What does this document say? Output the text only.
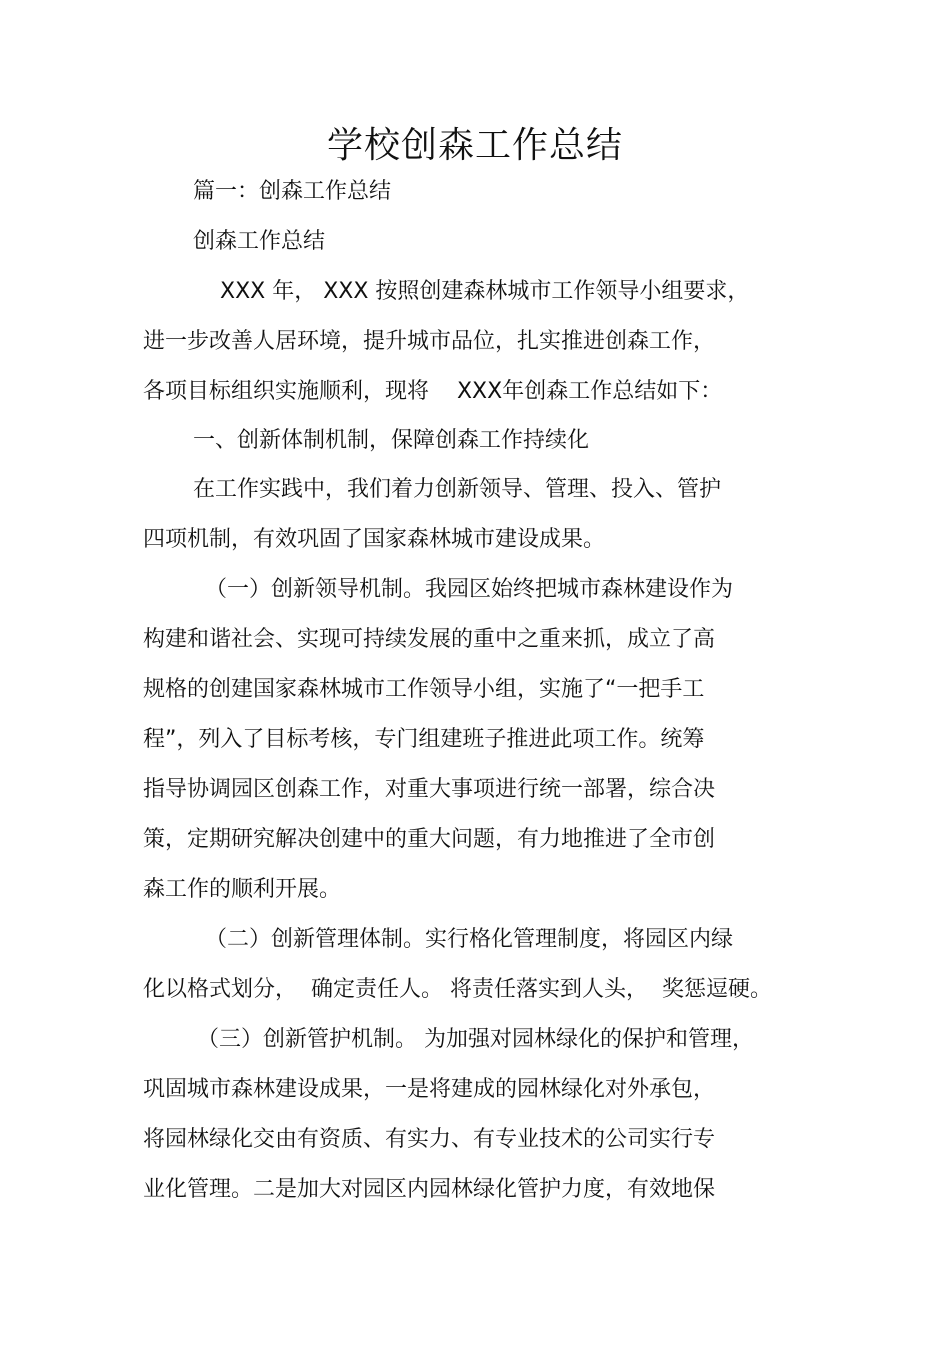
学校创森工作总结

篇一：创森工作总结

创森工作总结

XXX 年， XXX 按照创建森林城市工作领导小组要求，

进一步改善人居环境，提升城市品位，扎实推进创森工作，

各项目标组织实施顺利，现将    XXX年创森工作总结如下：

一、创新体制机制，保障创森工作持续化

在工作实践中，我们着力创新领导、管理、投入、管护

四项机制，有效巩固了国家森林城市建设成果。

（一）创新领导机制。我园区始终把城市森林建设作为

构建和谐社会、实现可持续发展的重中之重来抓，成立了高

规格的创建国家森林城市工作领导小组，实施了“一把手工

程”，列入了目标考核，专门组建班子推进此项工作。统筹

指导协调园区创森工作，对重大事项进行统一部署，综合决

策，定期研究解决创建中的重大问题，有力地推进了全市创

森工作的顺利开展。

（二）创新管理体制。实行格化管理制度，将园区内绿

化以格式划分，  确定责任人。 将责任落实到人头，  奖惩逗硬。

（三）创新管护机制。 为加强对园林绿化的保护和管理，

巩固城市森林建设成果，一是将建成的园林绿化对外承包，

将园林绿化交由有资质、有实力、有专业技术的公司实行专

业化管理。二是加大对园区内园林绿化管护力度，有效地保
